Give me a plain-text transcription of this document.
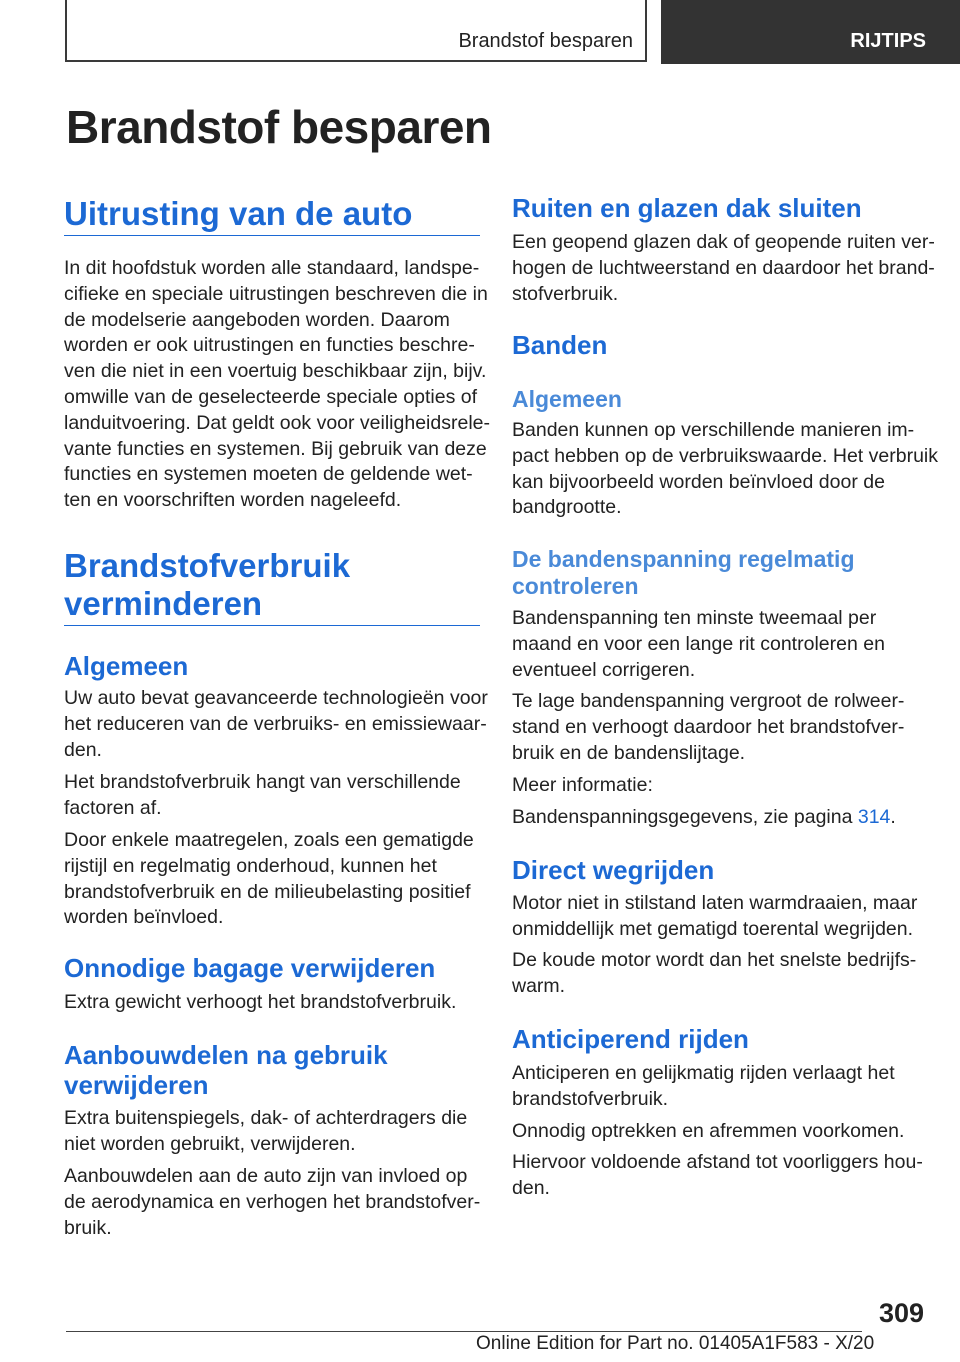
Brandstof besparen	RIJTIPS
Brandstof besparen
Uitrusting van de auto

In dit hoofdstuk worden alle standaard, landspe-
cifieke en speciale uitrustingen beschreven die in
de modelserie aangeboden worden. Daarom
worden er ook uitrustingen en functies beschre-
ven die niet in een voertuig beschikbaar zijn, bijv.
omwille van de geselecteerde speciale opties of
landuitvoering. Dat geldt ook voor veiligheidsrele-
vante functies en systemen. Bij gebruik van deze
functies en systemen moeten de geldende wet-
ten en voorschriften worden nageleefd.

Brandstofverbruik
verminderen
Algemeen

Uw auto bevat geavanceerde technologieën voor
het reduceren van de verbruiks- en emissiewaar-
den.

Het brandstofverbruik hangt van verschillende
factoren af.

Door enkele maatregelen, zoals een gematigde
rijstijl en regelmatig onderhoud, kunnen het
brandstofverbruik en de milieubelasting positief
worden beïnvloed.

Onnodige bagage verwijderen

Extra gewicht verhoogt het brandstofverbruik.

Aanbouwdelen na gebruik
verwijderen

Extra buitenspiegels, dak- of achterdragers die
niet worden gebruikt, verwijderen.

Aanbouwdelen aan de auto zijn van invloed op
de aerodynamica en verhogen het brandstofver-
bruik.

Ruiten en glazen dak sluiten

Een geopend glazen dak of geopende ruiten ver-
hogen de luchtweerstand en daardoor het brand-
stofverbruik.

Banden
Algemeen

Banden kunnen op verschillende manieren im-
pact hebben op de verbruikswaarde. Het verbruik
kan bijvoorbeeld worden beïnvloed door de
bandgrootte.

De bandenspanning regelmatig
controleren

Bandenspanning ten minste tweemaal per
maand en voor een lange rit controleren en
eventueel corrigeren.

Te lage bandenspanning vergroot de rolweer-
stand en verhoogt daardoor het brandstofver-
bruik en de bandenslijtage.

Meer informatie:

Bandenspanningsgegevens, zie pagina 314.

Direct wegrijden

Motor niet in stilstand laten warmdraaien, maar
onmiddellijk met gematigd toerental wegrijden.

De koude motor wordt dan het snelste bedrijfs-
warm.

Anticiperend rijden

Anticiperen en gelijkmatig rijden verlaagt het
brandstofverbruik.

Onnodig optrekken en afremmen voorkomen.

Hiervoor voldoende afstand tot voorliggers hou-
den.

309
Online Edition for Part no. 01405A1F583 - X/20
